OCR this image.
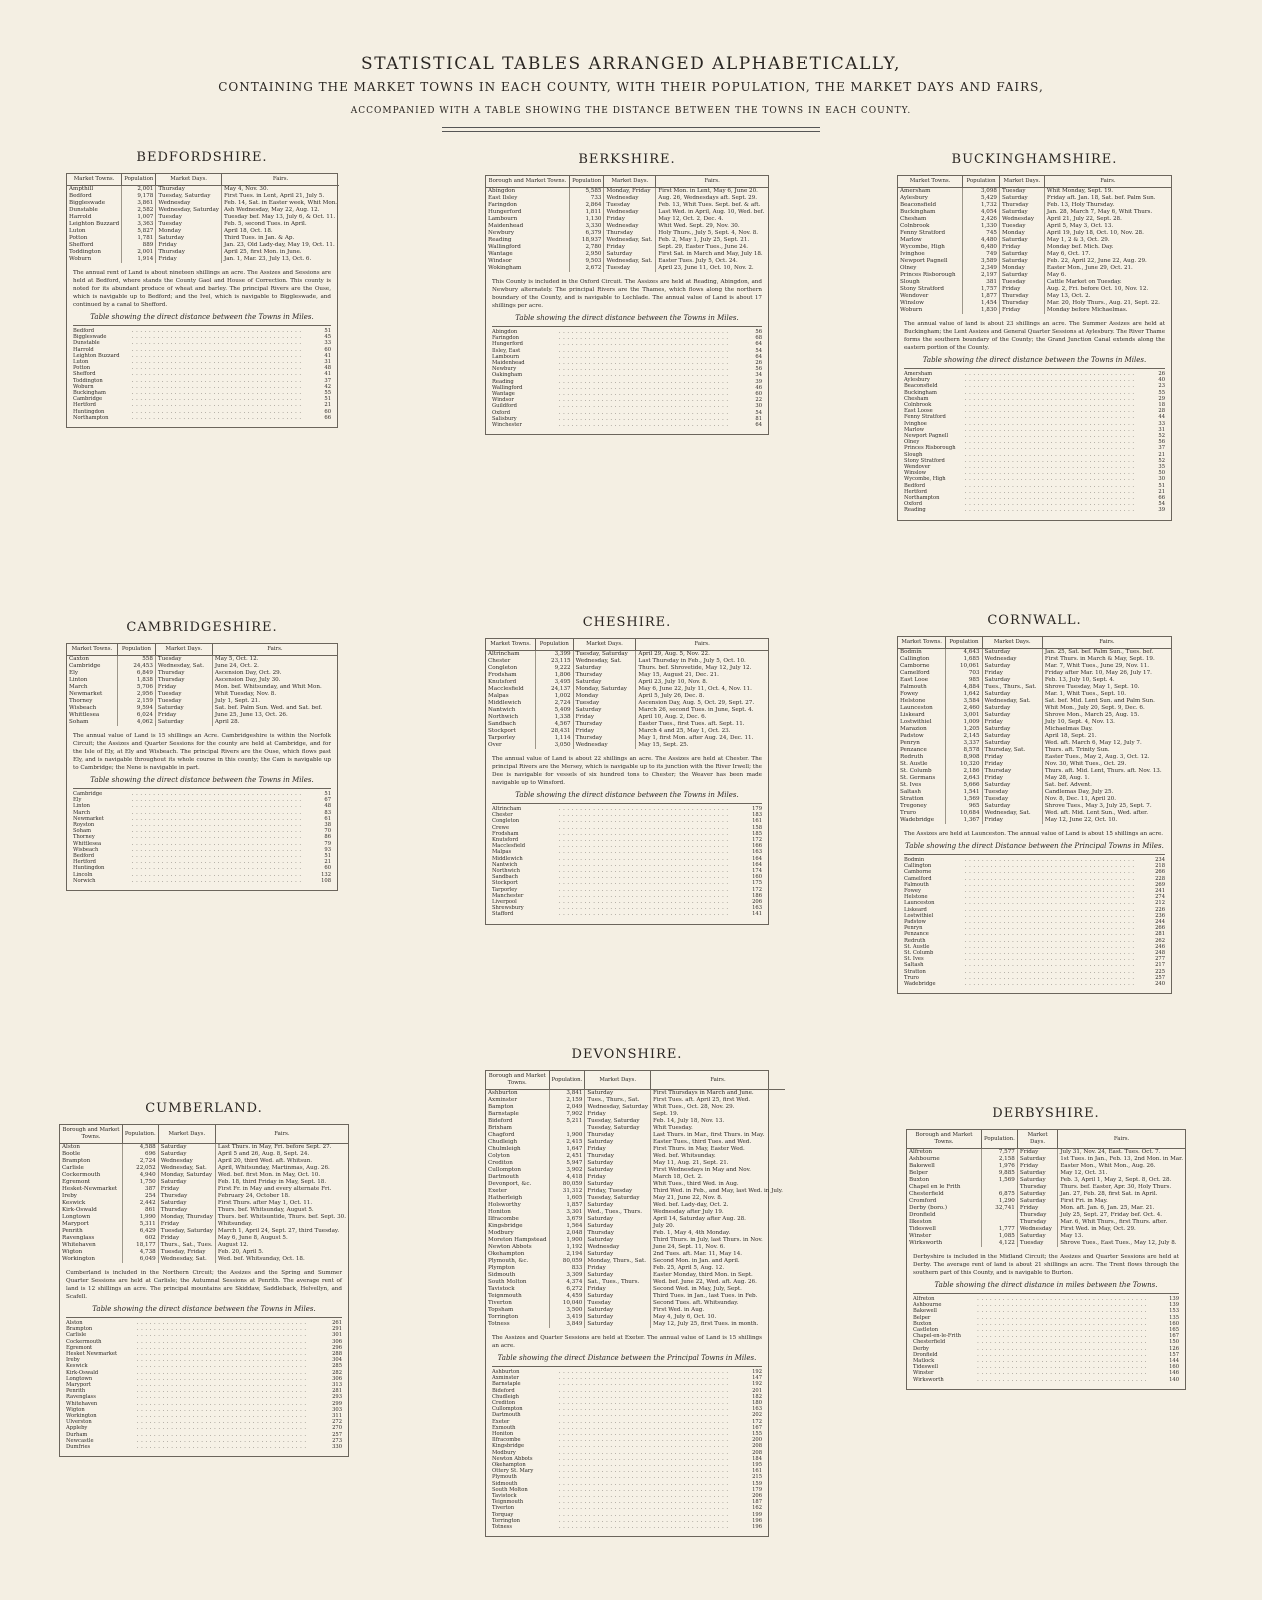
STATISTICAL TABLES ARRANGED ALPHABETICALLY,
CONTAINING THE MARKET TOWNS IN EACH COUNTY, WITH THEIR POPULATION, THE MARKET DAYS AND FAIRS,
ACCOMPANIED WITH A TABLE SHOWING THE DISTANCE BETWEEN THE TOWNS IN EACH COUNTY.
BEDFORDSHIRE.
Market Towns.	Population	Market Days.	Fairs.
Ampthill	2,001	Thursday	May 4, Nov. 30.
Bedford	9,178	Tuesday, Saturday	First Tues. in Lent, April 21, July 5.
Biggleswade	3,861	Wednesday	Feb. 14, Sat. in Easter week, Whit Mon.
Dunstable	2,582	Wednesday, Saturday	Ash Wednesday, May 22, Aug. 12.
Harrold	1,007	Tuesday	Tuesday bef. May 13, July 6, & Oct. 11.
Leighton Buzzard	3,363	Tuesday	Feb. 5, second Tues. in April.
Luton	5,827	Monday	April 18, Oct. 18.
Potton	1,781	Saturday	Third Tues. in Jan. & Ap.
Shefford	889	Friday	Jan. 23, Old Lady-day, May 19, Oct. 11.
Toddington	2,001	Thursday	April 25, first Mon. in June.
Woburn	1,914	Friday	Jan. 1, Mar. 23, July 13, Oct. 6.
The annual rent of Land is about nineteen shillings an acre. The Assizes and Sessions are held at Bedford, where stands the County Gaol and House of Correction. This county is noted for its abundant produce of wheat and barley. The principal Rivers are the Ouse, which is navigable up to Bedford; and the Ivel, which is navigable to Biggleswade, and continued by a canal to Shefford.
Table showing the direct distance between the Towns in Miles.
Bedford	. . . . . . . . . . . . . . . . . . . . . . . . . . . . . . . . . . . . . . . .	51
Biggleswade	. . . . . . . . . . . . . . . . . . . . . . . . . . . . . . . . . . . . . . . .	45
Dunstable	. . . . . . . . . . . . . . . . . . . . . . . . . . . . . . . . . . . . . . . .	33
Harrold	. . . . . . . . . . . . . . . . . . . . . . . . . . . . . . . . . . . . . . . .	60
Leighton Buzzard	. . . . . . . . . . . . . . . . . . . . . . . . . . . . . . . . . . . . . . . .	41
Luton	. . . . . . . . . . . . . . . . . . . . . . . . . . . . . . . . . . . . . . . .	31
Potton	. . . . . . . . . . . . . . . . . . . . . . . . . . . . . . . . . . . . . . . .	48
Shefford	. . . . . . . . . . . . . . . . . . . . . . . . . . . . . . . . . . . . . . . .	41
Toddington	. . . . . . . . . . . . . . . . . . . . . . . . . . . . . . . . . . . . . . . .	37
Woburn	. . . . . . . . . . . . . . . . . . . . . . . . . . . . . . . . . . . . . . . .	42
Buckingham	. . . . . . . . . . . . . . . . . . . . . . . . . . . . . . . . . . . . . . . .	55
Cambridge	. . . . . . . . . . . . . . . . . . . . . . . . . . . . . . . . . . . . . . . .	51
Hertford	. . . . . . . . . . . . . . . . . . . . . . . . . . . . . . . . . . . . . . . .	21
Huntingdon	. . . . . . . . . . . . . . . . . . . . . . . . . . . . . . . . . . . . . . . .	60
Northampton	. . . . . . . . . . . . . . . . . . . . . . . . . . . . . . . . . . . . . . . .	66
BERKSHIRE.
Borough and Market Towns.	Population	Market Days.	Fairs.
Abingdon	5,585	Monday, Friday	First Mon. in Lent, May 6, June 20.
East Ilsley	733	Wednesday	Aug. 26, Wednesdays aft. Sept. 29.
Faringdon	2,864	Tuesday	Feb. 13, Whit Tues. Sept. bef. & aft.
Hungerford	1,811	Wednesday	Last Wed. in April, Aug. 10, Wed. bef.
Lambourn	1,130	Friday	May 12, Oct. 2, Dec. 4.
Maidenhead	3,330	Wednesday	Whit Wed. Sept. 29, Nov. 30.
Newbury	6,379	Thursday	Holy Thurs., July 5, Sept. 4, Nov. 8.
Reading	18,937	Wednesday, Sat.	Feb. 2, May 1, July 25, Sept. 21.
Wallingford	2,780	Friday	Sept. 29, Easter Tues., June 24.
Wantage	2,950	Saturday	First Sat. in March and May, July 18.
Windsor	9,503	Wednesday, Sat.	Easter Tues. July 5, Oct. 24.
Wokingham	2,672	Tuesday	April 23, June 11, Oct. 10, Nov. 2.
This County is included in the Oxford Circuit. The Assizes are held at Reading, Abingdon, and Newbury alternately. The principal Rivers are the Thames, which flows along the northern boundary of the County, and is navigable to Lechlade. The annual value of Land is about 17 shillings per acre.
Table showing the direct distance between the Towns in Miles.
Abingdon	. . . . . . . . . . . . . . . . . . . . . . . . . . . . . . . . . . . . . . . .	56
Faringdon	. . . . . . . . . . . . . . . . . . . . . . . . . . . . . . . . . . . . . . . .	68
Hungerford	. . . . . . . . . . . . . . . . . . . . . . . . . . . . . . . . . . . . . . . .	64
Ilsley, East	. . . . . . . . . . . . . . . . . . . . . . . . . . . . . . . . . . . . . . . .	54
Lambourn	. . . . . . . . . . . . . . . . . . . . . . . . . . . . . . . . . . . . . . . .	64
Maidenhead	. . . . . . . . . . . . . . . . . . . . . . . . . . . . . . . . . . . . . . . .	26
Newbury	. . . . . . . . . . . . . . . . . . . . . . . . . . . . . . . . . . . . . . . .	56
Oakingham	. . . . . . . . . . . . . . . . . . . . . . . . . . . . . . . . . . . . . . . .	34
Reading	. . . . . . . . . . . . . . . . . . . . . . . . . . . . . . . . . . . . . . . .	39
Wallingford	. . . . . . . . . . . . . . . . . . . . . . . . . . . . . . . . . . . . . . . .	46
Wantage	. . . . . . . . . . . . . . . . . . . . . . . . . . . . . . . . . . . . . . . .	60
Windsor	. . . . . . . . . . . . . . . . . . . . . . . . . . . . . . . . . . . . . . . .	22
Guildford	. . . . . . . . . . . . . . . . . . . . . . . . . . . . . . . . . . . . . . . .	30
Oxford	. . . . . . . . . . . . . . . . . . . . . . . . . . . . . . . . . . . . . . . .	54
Salisbury	. . . . . . . . . . . . . . . . . . . . . . . . . . . . . . . . . . . . . . . .	81
Winchester	. . . . . . . . . . . . . . . . . . . . . . . . . . . . . . . . . . . . . . . .	64
BUCKINGHAMSHIRE.
Market Towns.	Population	Market Days.	Fairs.
Amersham	3,098	Tuesday	Whit Monday, Sept. 19.
Aylesbury	5,429	Saturday	Friday aft. Jan. 18, Sat. bef. Palm Sun.
Beaconsfield	1,732	Thursday	Feb. 13, Holy Thursday.
Buckingham	4,054	Saturday	Jan. 28, March 7, May 6, Whit Thurs.
Chesham	2,426	Wednesday	April 21, July 22, Sept. 28.
Colnbrook	1,330	Tuesday	April 5, May 3, Oct. 13.
Fenny Stratford	745	Monday	April 19, July 18, Oct. 10, Nov. 28.
Marlow	4,480	Saturday	May 1, 2 & 3, Oct. 29.
Wycombe, High	6,480	Friday	Monday bef. Mich. Day.
Ivinghoe	749	Saturday	May 6, Oct. 17.
Newport Pagnell	3,589	Saturday	Feb. 22, April 22, June 22, Aug. 29.
Olney	2,349	Monday	Easter Mon., June 29, Oct. 21.
Princes Risborough	2,197	Saturday	May 6.
Slough	381	Tuesday	Cattle Market on Tuesday.
Stony Stratford	1,757	Friday	Aug. 2, Fri. before Oct. 10, Nov. 12.
Wendover	1,877	Thursday	May 13, Oct. 2.
Winslow	1,454	Thursday	Mar. 20, Holy Thurs., Aug. 21, Sept. 22.
Woburn	1,830	Friday	Monday before Michaelmas.
The annual value of land is about 23 shillings an acre. The Summer Assizes are held at Buckingham; the Lent Assizes and General Quarter Sessions at Aylesbury. The River Thame forms the southern boundary of the County; the Grand Junction Canal extends along the eastern portion of the County.
Table showing the direct distance between the Towns in Miles.
Amersham	. . . . . . . . . . . . . . . . . . . . . . . . . . . . . . . . . . . . . . . .	26
Aylesbury	. . . . . . . . . . . . . . . . . . . . . . . . . . . . . . . . . . . . . . . .	40
Beaconsfield	. . . . . . . . . . . . . . . . . . . . . . . . . . . . . . . . . . . . . . . .	23
Buckingham	. . . . . . . . . . . . . . . . . . . . . . . . . . . . . . . . . . . . . . . .	55
Chesham	. . . . . . . . . . . . . . . . . . . . . . . . . . . . . . . . . . . . . . . .	29
Colnbrook	. . . . . . . . . . . . . . . . . . . . . . . . . . . . . . . . . . . . . . . .	18
East Loose	. . . . . . . . . . . . . . . . . . . . . . . . . . . . . . . . . . . . . . . .	28
Fenny Stratford	. . . . . . . . . . . . . . . . . . . . . . . . . . . . . . . . . . . . . . . .	44
Ivinghoe	. . . . . . . . . . . . . . . . . . . . . . . . . . . . . . . . . . . . . . . .	33
Marlow	. . . . . . . . . . . . . . . . . . . . . . . . . . . . . . . . . . . . . . . .	31
Newport Pagnell	. . . . . . . . . . . . . . . . . . . . . . . . . . . . . . . . . . . . . . . .	52
Olney	. . . . . . . . . . . . . . . . . . . . . . . . . . . . . . . . . . . . . . . .	56
Princes Risborough	. . . . . . . . . . . . . . . . . . . . . . . . . . . . . . . . . . . . . . . .	37
Slough	. . . . . . . . . . . . . . . . . . . . . . . . . . . . . . . . . . . . . . . .	21
Stony Stratford	. . . . . . . . . . . . . . . . . . . . . . . . . . . . . . . . . . . . . . . .	52
Wendover	. . . . . . . . . . . . . . . . . . . . . . . . . . . . . . . . . . . . . . . .	35
Winslow	. . . . . . . . . . . . . . . . . . . . . . . . . . . . . . . . . . . . . . . .	50
Wycombe, High	. . . . . . . . . . . . . . . . . . . . . . . . . . . . . . . . . . . . . . . .	30
Bedford	. . . . . . . . . . . . . . . . . . . . . . . . . . . . . . . . . . . . . . . .	51
Hertford	. . . . . . . . . . . . . . . . . . . . . . . . . . . . . . . . . . . . . . . .	21
Northampton	. . . . . . . . . . . . . . . . . . . . . . . . . . . . . . . . . . . . . . . .	66
Oxford	. . . . . . . . . . . . . . . . . . . . . . . . . . . . . . . . . . . . . . . .	54
Reading	. . . . . . . . . . . . . . . . . . . . . . . . . . . . . . . . . . . . . . . .	39
CAMBRIDGESHIRE.
Market Towns.	Population	Market Days.	Fairs.
Caxton	558	Tuesday	May 5, Oct. 12.
Cambridge	24,453	Wednesday, Sat.	June 24, Oct. 2.
Ely	6,849	Thursday	Ascension Day, Oct. 29.
Linton	1,838	Thursday	Ascension Day, July 30.
March	5,706	Friday	Mon. bef. Whitsunday, and Whit Mon.
Newmarket	2,956	Tuesday	Whit Tuesday, Nov. 8.
Thorney	2,159	Tuesday	July 1, Sept. 21.
Wisbeach	9,594	Saturday	Sat. bef. Palm Sun. Wed. and Sat. bef.
Whittlesea	6,024	Friday	June 25, June 13, Oct. 26.
Soham	4,062	Saturday	April 28.
The annual value of Land is 15 shillings an Acre. Cambridgeshire is within the Norfolk Circuit; the Assizes and Quarter Sessions for the county are held at Cambridge, and for the Isle of Ely, at Ely and Wisbeach. The principal Rivers are the Ouse, which flows past Ely, and is navigable throughout its whole course in this county; the Cam is navigable up to Cambridge; the Nene is navigable in part.
Table showing the direct distance between the Towns in Miles.
Cambridge	. . . . . . . . . . . . . . . . . . . . . . . . . . . . . . . . . . . . . . . .	51
Ely	. . . . . . . . . . . . . . . . . . . . . . . . . . . . . . . . . . . . . . . .	67
Linton	. . . . . . . . . . . . . . . . . . . . . . . . . . . . . . . . . . . . . . . .	48
March	. . . . . . . . . . . . . . . . . . . . . . . . . . . . . . . . . . . . . . . .	83
Newmarket	. . . . . . . . . . . . . . . . . . . . . . . . . . . . . . . . . . . . . . . .	61
Royston	. . . . . . . . . . . . . . . . . . . . . . . . . . . . . . . . . . . . . . . .	38
Soham	. . . . . . . . . . . . . . . . . . . . . . . . . . . . . . . . . . . . . . . .	70
Thorney	. . . . . . . . . . . . . . . . . . . . . . . . . . . . . . . . . . . . . . . .	86
Whittlesea	. . . . . . . . . . . . . . . . . . . . . . . . . . . . . . . . . . . . . . . .	79
Wisbeach	. . . . . . . . . . . . . . . . . . . . . . . . . . . . . . . . . . . . . . . .	93
Bedford	. . . . . . . . . . . . . . . . . . . . . . . . . . . . . . . . . . . . . . . .	51
Hertford	. . . . . . . . . . . . . . . . . . . . . . . . . . . . . . . . . . . . . . . .	21
Huntingdon	. . . . . . . . . . . . . . . . . . . . . . . . . . . . . . . . . . . . . . . .	60
Lincoln	. . . . . . . . . . . . . . . . . . . . . . . . . . . . . . . . . . . . . . . .	132
Norwich	. . . . . . . . . . . . . . . . . . . . . . . . . . . . . . . . . . . . . . . .	108
CHESHIRE.
Market Towns.	Population	Market Days.	Fairs.
Altrincham	3,399	Tuesday, Saturday	April 29, Aug. 5, Nov. 22.
Chester	23,115	Wednesday, Sat.	Last Thursday in Feb., July 5, Oct. 10.
Congleton	9,222	Saturday	Thurs. bef. Shrovetide, May 12, July 12.
Frodsham	1,806	Thursday	May 15, August 21, Dec. 21.
Knutsford	3,495	Saturday	April 23, July 10, Nov. 8.
Macclesfield	24,137	Monday, Saturday	May 6, June 22, July 11, Oct. 4, Nov. 11.
Malpas	1,002	Monday	April 5, July 26, Dec. 8.
Middlewich	2,724	Tuesday	Ascension Day, Aug. 5, Oct. 29, Sept. 27.
Nantwich	5,409	Saturday	March 26, second Tues. in June, Sept. 4.
Northwich	1,338	Friday	April 10, Aug. 2, Dec. 6.
Sandbach	4,567	Thursday	Easter Tues., first Tues. aft. Sept. 11.
Stockport	28,431	Friday	March 4 and 25, May 1, Oct. 23.
Tarporley	1,114	Thursday	May 1, first Mon. after Aug. 24, Dec. 11.
Over	3,050	Wednesday	May 15, Sept. 25.
The annual value of Land is about 22 shillings an acre. The Assizes are held at Chester. The principal Rivers are the Mersey, which is navigable up to its junction with the River Irwell; the Dee is navigable for vessels of six hundred tons to Chester; the Weaver has been made navigable up to Winsford.
Table showing the direct distance between the Towns in Miles.
Altrincham	. . . . . . . . . . . . . . . . . . . . . . . . . . . . . . . . . . . . . . . .	179
Chester	. . . . . . . . . . . . . . . . . . . . . . . . . . . . . . . . . . . . . . . .	183
Congleton	. . . . . . . . . . . . . . . . . . . . . . . . . . . . . . . . . . . . . . . .	161
Crewe	. . . . . . . . . . . . . . . . . . . . . . . . . . . . . . . . . . . . . . . .	158
Frodsham	. . . . . . . . . . . . . . . . . . . . . . . . . . . . . . . . . . . . . . . .	185
Knutsford	. . . . . . . . . . . . . . . . . . . . . . . . . . . . . . . . . . . . . . . .	172
Macclesfield	. . . . . . . . . . . . . . . . . . . . . . . . . . . . . . . . . . . . . . . .	166
Malpas	. . . . . . . . . . . . . . . . . . . . . . . . . . . . . . . . . . . . . . . .	163
Middlewich	. . . . . . . . . . . . . . . . . . . . . . . . . . . . . . . . . . . . . . . .	164
Nantwich	. . . . . . . . . . . . . . . . . . . . . . . . . . . . . . . . . . . . . . . .	164
Northwich	. . . . . . . . . . . . . . . . . . . . . . . . . . . . . . . . . . . . . . . .	174
Sandbach	. . . . . . . . . . . . . . . . . . . . . . . . . . . . . . . . . . . . . . . .	160
Stockport	. . . . . . . . . . . . . . . . . . . . . . . . . . . . . . . . . . . . . . . .	175
Tarporley	. . . . . . . . . . . . . . . . . . . . . . . . . . . . . . . . . . . . . . . .	172
Manchester	. . . . . . . . . . . . . . . . . . . . . . . . . . . . . . . . . . . . . . . .	186
Liverpool	. . . . . . . . . . . . . . . . . . . . . . . . . . . . . . . . . . . . . . . .	206
Shrewsbury	. . . . . . . . . . . . . . . . . . . . . . . . . . . . . . . . . . . . . . . .	163
Stafford	. . . . . . . . . . . . . . . . . . . . . . . . . . . . . . . . . . . . . . . .	141
CORNWALL.
Market Towns.	Population	Market Days.	Fairs.
Bodmin	4,643	Saturday	Jan. 25, Sat. bef. Palm Sun., Tues. bef.
Callington	1,685	Wednesday	First Thurs. in March & May, Sept. 19.
Camborne	10,061	Saturday	Mar. 7, Whit Tues., June 29, Nov. 11.
Camelford	703	Friday	Friday after Mar. 10, May 26, July 17.
East Looe	985	Saturday	Feb. 13, July 10, Sept. 4.
Falmouth	4,884	Tues., Thurs., Sat.	Shrove Tuesday, May 1, Sept. 10.
Fowey	1,642	Saturday	Mar. 1, Whit Tues., Sept. 10.
Helstone	3,584	Wednesday, Sat.	Sat. bef. Mid. Lent Sun. and Palm Sun.
Launceston	2,460	Saturday	Whit Mon., July 20, Sept. 9, Dec. 6.
Liskeard	3,001	Saturday	Shrove Mon., March 25, Aug. 15.
Lostwithiel	1,009	Friday	July 10, Sept. 4, Nov. 13.
Marazion	1,205	Saturday	Michaelmas Day.
Padstow	2,145	Saturday	April 18, Sept. 21.
Penryn	3,337	Saturday	Wed. aft. March 6, May 12, July 7.
Penzance	8,578	Thursday, Sat.	Thurs. aft. Trinity Sun.
Redruth	8,908	Friday	Easter Tues., May 2, Aug. 3, Oct. 12.
St. Austle	10,320	Friday	Nov. 30, Whit Tues., Oct. 29.
St. Columb	2,186	Thursday	Thurs. aft. Mid. Lent, Thurs. aft. Nov. 13.
St. Germans	2,643	Friday	May 28, Aug. 1.
St. Ives	5,666	Saturday	Sat. bef. Advent.
Saltash	1,541	Tuesday	Candlemas Day, July 25.
Stratton	1,569	Tuesday	Nov. 8, Dec. 11, April 20.
Tregoney	965	Saturday	Shrove Tues., May 3, July 25, Sept. 7.
Truro	10,684	Wednesday, Sat.	Wed. aft. Mid. Lent Sun., Wed. after.
Wadebridge	1,367	Friday	May 12, June 22, Oct. 10.
The Assizes are held at Launceston. The annual value of Land is about 15 shillings an acre.
Table showing the direct Distance between the Principal Towns in Miles.
Bodmin	. . . . . . . . . . . . . . . . . . . . . . . . . . . . . . . . . . . . . . . .	234
Callington	. . . . . . . . . . . . . . . . . . . . . . . . . . . . . . . . . . . . . . . .	218
Camborne	. . . . . . . . . . . . . . . . . . . . . . . . . . . . . . . . . . . . . . . .	266
Camelford	. . . . . . . . . . . . . . . . . . . . . . . . . . . . . . . . . . . . . . . .	228
Falmouth	. . . . . . . . . . . . . . . . . . . . . . . . . . . . . . . . . . . . . . . .	269
Fowey	. . . . . . . . . . . . . . . . . . . . . . . . . . . . . . . . . . . . . . . .	241
Helstone	. . . . . . . . . . . . . . . . . . . . . . . . . . . . . . . . . . . . . . . .	274
Launceston	. . . . . . . . . . . . . . . . . . . . . . . . . . . . . . . . . . . . . . . .	212
Liskeard	. . . . . . . . . . . . . . . . . . . . . . . . . . . . . . . . . . . . . . . .	226
Lostwithiel	. . . . . . . . . . . . . . . . . . . . . . . . . . . . . . . . . . . . . . . .	236
Padstow	. . . . . . . . . . . . . . . . . . . . . . . . . . . . . . . . . . . . . . . .	244
Penryn	. . . . . . . . . . . . . . . . . . . . . . . . . . . . . . . . . . . . . . . .	266
Penzance	. . . . . . . . . . . . . . . . . . . . . . . . . . . . . . . . . . . . . . . .	281
Redruth	. . . . . . . . . . . . . . . . . . . . . . . . . . . . . . . . . . . . . . . .	262
St. Austle	. . . . . . . . . . . . . . . . . . . . . . . . . . . . . . . . . . . . . . . .	246
St. Columb	. . . . . . . . . . . . . . . . . . . . . . . . . . . . . . . . . . . . . . . .	248
St. Ives	. . . . . . . . . . . . . . . . . . . . . . . . . . . . . . . . . . . . . . . .	277
Saltash	. . . . . . . . . . . . . . . . . . . . . . . . . . . . . . . . . . . . . . . .	217
Stratton	. . . . . . . . . . . . . . . . . . . . . . . . . . . . . . . . . . . . . . . .	225
Truro	. . . . . . . . . . . . . . . . . . . . . . . . . . . . . . . . . . . . . . . .	257
Wadebridge	. . . . . . . . . . . . . . . . . . . . . . . . . . . . . . . . . . . . . . . .	240
DEVONSHIRE.
Borough and Market Towns.	Population.	Market Days.	Fairs.
Ashburton	3,841	Saturday	First Thursdays in March and June.
Axminster	2,159	Tues., Thurs., Sat.	First Tues. aft. April 25, first Wed.
Bampton	2,049	Wednesday, Saturday	Whit Tues., Oct. 28, Nov. 29.
Barnstaple	7,902	Friday	Sept. 19.
Bideford	5,211	Tuesday, Saturday	Feb. 14, July 18, Nov. 13.
Brixham		Tuesday, Saturday	Whit Tuesday.
Chagford	1,900	Thursday	Last Thurs. in Mar., first Thurs. in May.
Chudleigh	2,415	Saturday	Easter Tues., third Tues. and Wed.
Chulmleigh	1,647	Friday	First Thurs. in May, Easter Wed.
Colyton	2,451	Thursday	Wed. bef. Whitsunday.
Crediton	5,947	Saturday	May 11, Aug. 21, Sept. 21.
Cullompton	3,902	Saturday	First Wednesdays in May and Nov.
Dartmouth	4,418	Friday	March 18, Oct. 2.
Devonport, &c.	80,059	Saturday	Whit Tues., third Wed. in Aug.
Exeter	31,312	Friday, Tuesday	Third Wed. in Feb., and May, last Wed. in July.
Hatherleigh	1,605	Tuesday, Saturday	May 21, June 22, Nov. 8.
Holsworthy	1,857	Saturday	Wed. bef. Lady-day, Oct. 2.
Honiton	3,301	Wed., Tues., Thurs.	Wednesday after July 19.
Ilfracombe	3,679	Saturday	April 14, Saturday after Aug. 28.
Kingsbridge	1,564	Saturday	July 20.
Modbury	2,048	Thursday	Feb. 1, May 4, 4th Monday.
Moreton Hampstead	1,900	Saturday	Third Thurs. in July, last Thurs. in Nov.
Newton Abbots	1,192	Wednesday	June 24, Sept. 11, Nov. 6.
Okehampton	2,194	Saturday	2nd Tues. aft. Mar. 11, May 14.
Plymouth, &c.	80,059	Monday, Thurs., Sat.	Second Mon. in Jan. and April.
Plympton	833	Friday	Feb. 25, April 5, Aug. 12.
Sidmouth	3,309	Saturday	Easter Monday, third Mon. in Sept.
South Molton	4,374	Sat., Tues., Thurs.	Wed. bef. June 22, Wed. aft. Aug. 26.
Tavistock	6,272	Friday	Second Wed. in May, July, Sept.
Teignmouth	4,459	Saturday	Third Tues. in Jan., last Tues. in Feb.
Tiverton	10,040	Tuesday	Second Tues. aft. Whitsunday.
Topsham	3,500	Saturday	First Wed. in Aug.
Torrington	3,419	Saturday	May 4, July 6, Oct. 10.
Totness	3,849	Saturday	May 12, July 25, first Tues. in month.
The Assizes and Quarter Sessions are held at Exeter. The annual value of Land is 15 shillings an acre.
Table showing the direct Distance between the Principal Towns in Miles.
Ashburton	. . . . . . . . . . . . . . . . . . . . . . . . . . . . . . . . . . . . . . . .	192
Axminster	. . . . . . . . . . . . . . . . . . . . . . . . . . . . . . . . . . . . . . . .	147
Barnstaple	. . . . . . . . . . . . . . . . . . . . . . . . . . . . . . . . . . . . . . . .	192
Bideford	. . . . . . . . . . . . . . . . . . . . . . . . . . . . . . . . . . . . . . . .	201
Chudleigh	. . . . . . . . . . . . . . . . . . . . . . . . . . . . . . . . . . . . . . . .	182
Crediton	. . . . . . . . . . . . . . . . . . . . . . . . . . . . . . . . . . . . . . . .	180
Cullompton	. . . . . . . . . . . . . . . . . . . . . . . . . . . . . . . . . . . . . . . .	163
Dartmouth	. . . . . . . . . . . . . . . . . . . . . . . . . . . . . . . . . . . . . . . .	202
Exeter	. . . . . . . . . . . . . . . . . . . . . . . . . . . . . . . . . . . . . . . .	172
Exmouth	. . . . . . . . . . . . . . . . . . . . . . . . . . . . . . . . . . . . . . . .	167
Honiton	. . . . . . . . . . . . . . . . . . . . . . . . . . . . . . . . . . . . . . . .	155
Ilfracombe	. . . . . . . . . . . . . . . . . . . . . . . . . . . . . . . . . . . . . . . .	200
Kingsbridge	. . . . . . . . . . . . . . . . . . . . . . . . . . . . . . . . . . . . . . . .	208
Modbury	. . . . . . . . . . . . . . . . . . . . . . . . . . . . . . . . . . . . . . . .	208
Newton Abbots	. . . . . . . . . . . . . . . . . . . . . . . . . . . . . . . . . . . . . . . .	184
Okehampton	. . . . . . . . . . . . . . . . . . . . . . . . . . . . . . . . . . . . . . . .	195
Ottery St. Mary	. . . . . . . . . . . . . . . . . . . . . . . . . . . . . . . . . . . . . . . .	161
Plymouth	. . . . . . . . . . . . . . . . . . . . . . . . . . . . . . . . . . . . . . . .	215
Sidmouth	. . . . . . . . . . . . . . . . . . . . . . . . . . . . . . . . . . . . . . . .	159
South Molton	. . . . . . . . . . . . . . . . . . . . . . . . . . . . . . . . . . . . . . . .	179
Tavistock	. . . . . . . . . . . . . . . . . . . . . . . . . . . . . . . . . . . . . . . .	206
Teignmouth	. . . . . . . . . . . . . . . . . . . . . . . . . . . . . . . . . . . . . . . .	187
Tiverton	. . . . . . . . . . . . . . . . . . . . . . . . . . . . . . . . . . . . . . . .	162
Torquay	. . . . . . . . . . . . . . . . . . . . . . . . . . . . . . . . . . . . . . . .	199
Torrington	. . . . . . . . . . . . . . . . . . . . . . . . . . . . . . . . . . . . . . . .	196
Totness	. . . . . . . . . . . . . . . . . . . . . . . . . . . . . . . . . . . . . . . .	196
CUMBERLAND.
Borough and Market Towns.	Population.	Market Days.	Fairs.
Alston	4,588	Saturday	Last Thurs. in May, Fri. before Sept. 27.
Bootle	696	Saturday	April 5 and 26, Aug. 8, Sept. 24.
Brampton	2,724	Wednesday	April 20, third Wed. aft. Whitsun.
Carlisle	22,052	Wednesday, Sat.	April, Whitsunday, Martinmas, Aug. 26.
Cockermouth	4,940	Monday, Saturday	Wed. bef. first Mon. in May, Oct. 10.
Egremont	1,750	Saturday	Feb. 18, third Friday in May, Sept. 18.
Hesket-Newmarket	387	Friday	First Fr. in May and every alternate Fri.
Ireby	254	Thursday	February 24, October 18.
Keswick	2,442	Saturday	First Thurs. after May 1, Oct. 11.
Kirk-Oswald	861	Thursday	Thurs. bef. Whitsunday, August 5.
Longtown	1,990	Monday, Thursday	Thurs. bef. Whitsuntide, Thurs. bef. Sept. 30.
Maryport	5,311	Friday	Whitsunday.
Penrith	6,429	Tuesday, Saturday	March 1, April 24, Sept. 27, third Tuesday.
Ravenglass	602	Friday	May 6, June 8, August 5.
Whitehaven	18,177	Thurs., Sat., Tues.	August 12.
Wigton	4,738	Tuesday, Friday	Feb. 20, April 5.
Workington	6,049	Wednesday, Sat.	Wed. bef. Whitsunday, Oct. 18.
Cumberland is included in the Northern Circuit; the Assizes and the Spring and Summer Quarter Sessions are held at Carlisle; the Autumnal Sessions at Penrith. The average rent of land is 12 shillings an acre. The principal mountains are Skiddaw, Saddleback, Helvellyn, and Scafell.
Table showing the direct distance between the Towns in Miles.
Alston	. . . . . . . . . . . . . . . . . . . . . . . . . . . . . . . . . . . . . . . .	261
Brampton	. . . . . . . . . . . . . . . . . . . . . . . . . . . . . . . . . . . . . . . .	291
Carlisle	. . . . . . . . . . . . . . . . . . . . . . . . . . . . . . . . . . . . . . . .	301
Cockermouth	. . . . . . . . . . . . . . . . . . . . . . . . . . . . . . . . . . . . . . . .	306
Egremont	. . . . . . . . . . . . . . . . . . . . . . . . . . . . . . . . . . . . . . . .	296
Hesket Newmarket	. . . . . . . . . . . . . . . . . . . . . . . . . . . . . . . . . . . . . . . .	288
Ireby	. . . . . . . . . . . . . . . . . . . . . . . . . . . . . . . . . . . . . . . .	304
Keswick	. . . . . . . . . . . . . . . . . . . . . . . . . . . . . . . . . . . . . . . .	285
Kirk-Oswald	. . . . . . . . . . . . . . . . . . . . . . . . . . . . . . . . . . . . . . . .	282
Longtown	. . . . . . . . . . . . . . . . . . . . . . . . . . . . . . . . . . . . . . . .	306
Maryport	. . . . . . . . . . . . . . . . . . . . . . . . . . . . . . . . . . . . . . . .	313
Penrith	. . . . . . . . . . . . . . . . . . . . . . . . . . . . . . . . . . . . . . . .	281
Ravenglass	. . . . . . . . . . . . . . . . . . . . . . . . . . . . . . . . . . . . . . . .	293
Whitehaven	. . . . . . . . . . . . . . . . . . . . . . . . . . . . . . . . . . . . . . . .	299
Wigton	. . . . . . . . . . . . . . . . . . . . . . . . . . . . . . . . . . . . . . . .	303
Workington	. . . . . . . . . . . . . . . . . . . . . . . . . . . . . . . . . . . . . . . .	311
Ulverston	. . . . . . . . . . . . . . . . . . . . . . . . . . . . . . . . . . . . . . . .	272
Appleby	. . . . . . . . . . . . . . . . . . . . . . . . . . . . . . . . . . . . . . . .	270
Durham	. . . . . . . . . . . . . . . . . . . . . . . . . . . . . . . . . . . . . . . .	257
Newcastle	. . . . . . . . . . . . . . . . . . . . . . . . . . . . . . . . . . . . . . . .	273
Dumfries	. . . . . . . . . . . . . . . . . . . . . . . . . . . . . . . . . . . . . . . .	330
DERBYSHIRE.
Borough and Market Towns.	Population.	Market Days.	Fairs.
Alfreton	7,577	Friday	July 31, Nov. 24, East. Tues. Oct. 7.
Ashbourne	2,158	Saturday	1st Tues. in Jan., Feb. 13, 2nd Mon. in Mar.
Bakewell	1,976	Friday	Easter Mon., Whit Mon., Aug. 26.
Belper	9,885	Saturday	May 12, Oct. 31.
Buxton	1,569	Saturday	Feb. 3, April 1, May 2, Sept. 8, Oct. 28.
Chapel en le Frith		Thursday	Thurs. bef. Easter, Apr. 30, Holy Thurs.
Chesterfield	6,875	Saturday	Jan. 27, Feb. 28, first Sat. in April.
Cromford	1,290	Saturday	First Fri. in May.
Derby (boro.)	32,741	Friday	Mon. aft. Jan. 6, Jan. 25, Mar. 21.
Dronfield		Thursday	July 25, Sept. 27, Friday bef. Oct. 4.
Ilkeston		Thursday	Mar. 6, Whit Thurs., first Thurs. after.
Tideswell	1,777	Wednesday	First Wed. in May, Oct. 29.
Winster	1,085	Saturday	May 13.
Wirksworth	4,122	Tuesday	Shrove Tues., East Tues., May 12, July 8.
Derbyshire is included in the Midland Circuit; the Assizes and Quarter Sessions are held at Derby. The average rent of land is about 21 shillings an acre. The Trent flows through the southern part of this County, and is navigable to Burton.
Table showing the direct distance in miles between the Towns.
Alfreton	. . . . . . . . . . . . . . . . . . . . . . . . . . . . . . . . . . . . . . . .	139
Ashbourne	. . . . . . . . . . . . . . . . . . . . . . . . . . . . . . . . . . . . . . . .	139
Bakewell	. . . . . . . . . . . . . . . . . . . . . . . . . . . . . . . . . . . . . . . .	153
Belper	. . . . . . . . . . . . . . . . . . . . . . . . . . . . . . . . . . . . . . . .	135
Buxton	. . . . . . . . . . . . . . . . . . . . . . . . . . . . . . . . . . . . . . . .	160
Castleton	. . . . . . . . . . . . . . . . . . . . . . . . . . . . . . . . . . . . . . . .	165
Chapel-en-le-Frith	. . . . . . . . . . . . . . . . . . . . . . . . . . . . . . . . . . . . . . . .	167
Chesterfield	. . . . . . . . . . . . . . . . . . . . . . . . . . . . . . . . . . . . . . . .	150
Derby	. . . . . . . . . . . . . . . . . . . . . . . . . . . . . . . . . . . . . . . .	126
Dronfield	. . . . . . . . . . . . . . . . . . . . . . . . . . . . . . . . . . . . . . . .	157
Matlock	. . . . . . . . . . . . . . . . . . . . . . . . . . . . . . . . . . . . . . . .	144
Tideswell	. . . . . . . . . . . . . . . . . . . . . . . . . . . . . . . . . . . . . . . .	160
Winster	. . . . . . . . . . . . . . . . . . . . . . . . . . . . . . . . . . . . . . . .	146
Wirksworth	. . . . . . . . . . . . . . . . . . . . . . . . . . . . . . . . . . . . . . . .	140
